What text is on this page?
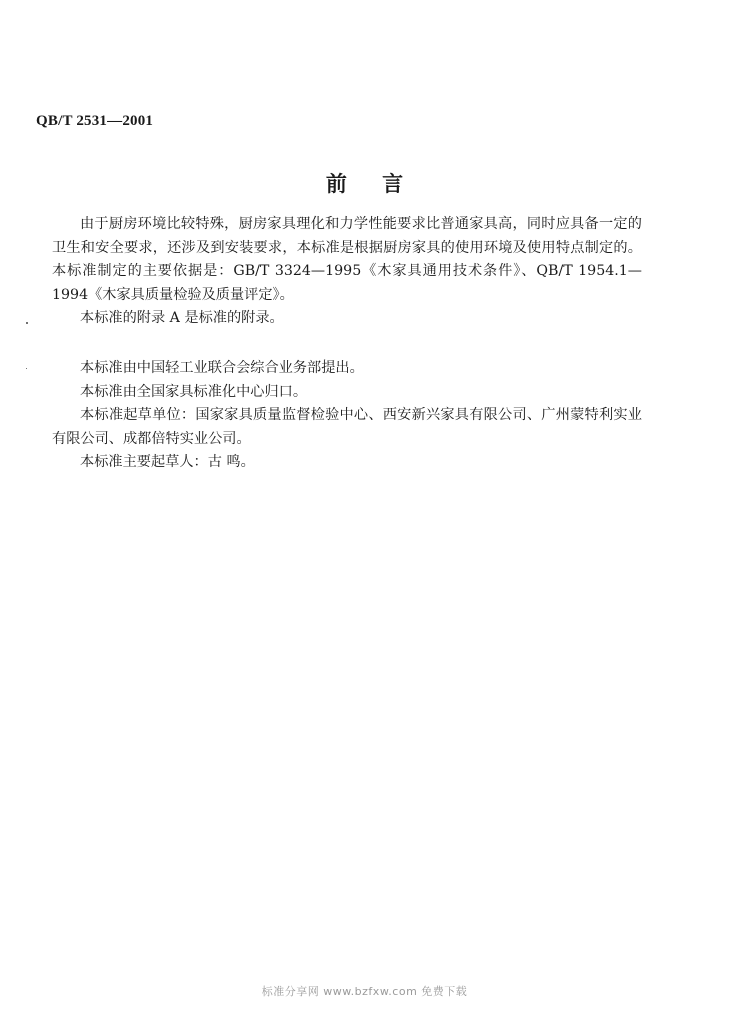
QB/T 2531—2001
前 言

由于厨房环境比较特殊，厨房家具理化和力学性能要求比普通家具高，同时应具备一定的卫生和安全要求，还涉及到安装要求，本标准是根据厨房家具的使用环境及使用特点制定的。本标准制定的主要依据是：GB/T 3324—1995《木家具通用技术条件》、QB/T 1954.1—1994《木家具质量检验及质量评定》。

本标准的附录 A 是标准的附录。

本标准由中国轻工业联合会综合业务部提出。

本标准由全国家具标准化中心归口。

本标准起草单位：国家家具质量监督检验中心、西安新兴家具有限公司、广州蒙特利实业有限公司、成都倍特实业公司。

本标准主要起草人：古 鸣。

标准分享网 www.bzfxw.com 免费下载
